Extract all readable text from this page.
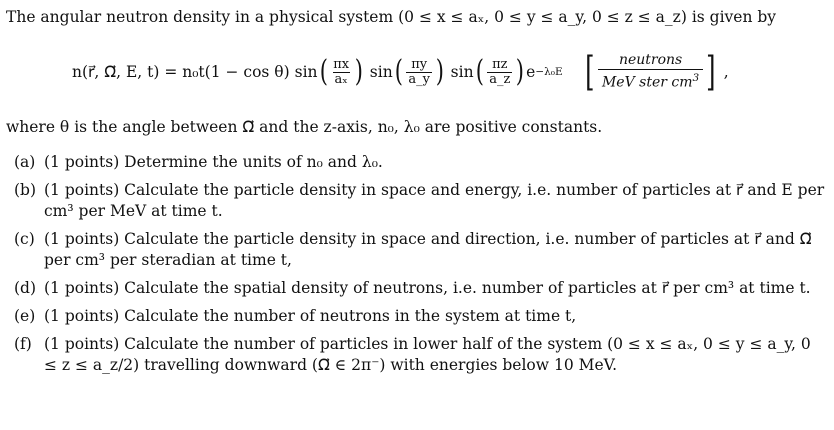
The angular neutron density in a physical system (0 ≤ x ≤ aₓ, 0 ≤ y ≤ a_y, 0 ≤ z ≤ a_z) is given by
n(r⃗, Ω⃗, E, t) = n₀t(1 − cos θ) sin ( $\frac{\pi x}{\text{aₓ}}$ )
sin ( $\frac{\pi y}{a\_y}$ )
sin ( $\frac{\pi z}{a\_z}$ ) e −λ₀E
[ neutrons
MeV ster $cm^3$ ]
,
where θ is the angle between Ω⃗ and the z-axis, n₀, λ₀ are positive constants.
(a) (1 points) Determine the units of n₀ and λ₀.
(b) (1 points) Calculate the particle density in space and energy, i.e. number of particles at r⃗ and E per cm³ per MeV at time t.
(c) (1 points) Calculate the particle density in space and direction, i.e. number of particles at r⃗ and Ω⃗ per cm³ per steradian at time t,
(d) (1 points) Calculate the spatial density of neutrons, i.e. number of particles at r⃗ per cm³ at time t.
(e) (1 points) Calculate the number of neutrons in the system at time t,
(f) (1 points) Calculate the number of particles in lower half of the system (0 ≤ x ≤ aₓ, 0 ≤ y ≤ a_y, 0 ≤ z ≤ a_z/2) travelling downward (Ω⃗ ∈ 2π⁻) with energies below 10 MeV.
